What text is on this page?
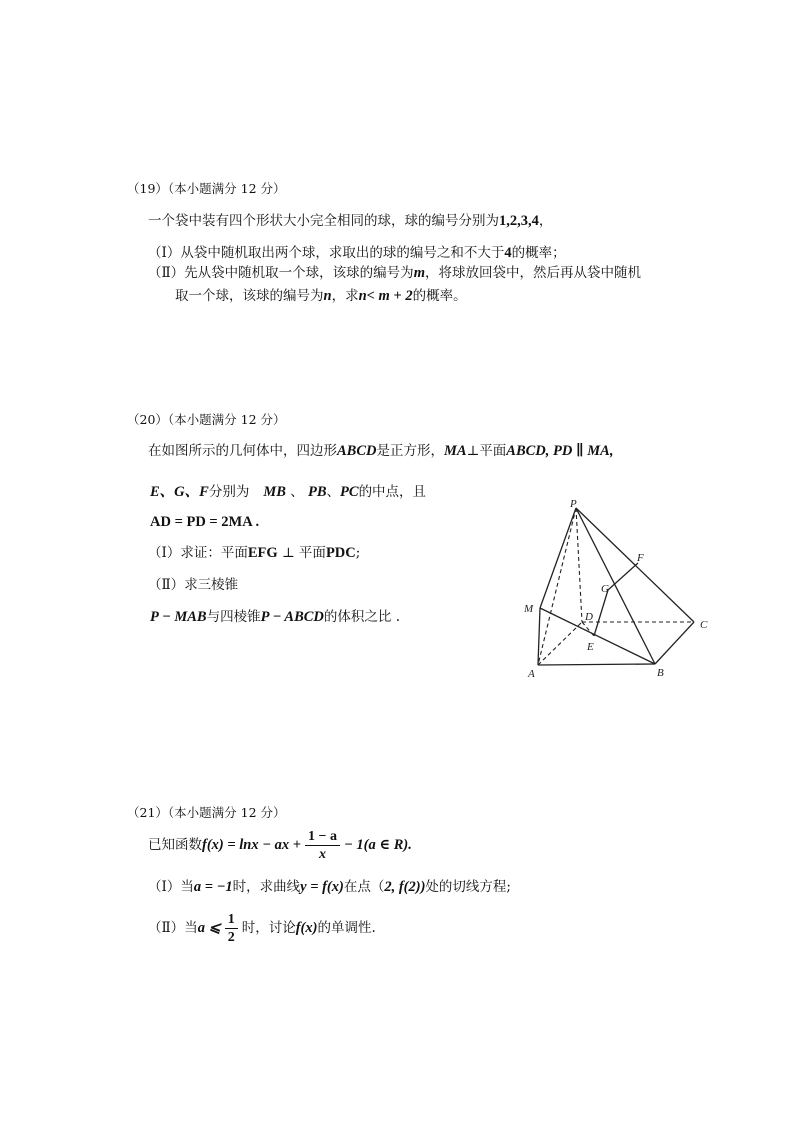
（19）（本小题满分 12 分）
一个袋中装有四个形状大小完全相同的球，球的编号分别为1,2,3,4，
（Ⅰ）从袋中随机取出两个球，求取出的球的编号之和不大于4的概率；
（Ⅱ）先从袋中随机取一个球，该球的编号为m，将球放回袋中，然后再从袋中随机
取一个球，该球的编号为n，求n< m + 2的概率。
（20）（本小题满分 12 分）
在如图所示的几何体中，四边形ABCD是正方形，MA⊥平面ABCD, PD ∥ MA,
E、G、F分别为 MB 、 PB、PC的中点，且
AD = PD = 2MA .
（Ⅰ）求证：平面EFG ⊥ 平面PDC;
（Ⅱ）求三棱锥
P − MAB与四棱锥P − ABCD的体积之比 .
P
F
G
M
D
C
E
A	B
（21）（本小题满分 12 分）
已知函数 f(x) = lnx − ax + $\frac{1 - a}{x} - 1(a$ ∈ R).
（Ⅰ）当a = −1时，求曲线y = f(x)在点（2, f(2))处的切线方程;
（Ⅱ） 当 a ⩽ $\frac{1}{2}$ 时，讨论 f(x) 的单调性.
